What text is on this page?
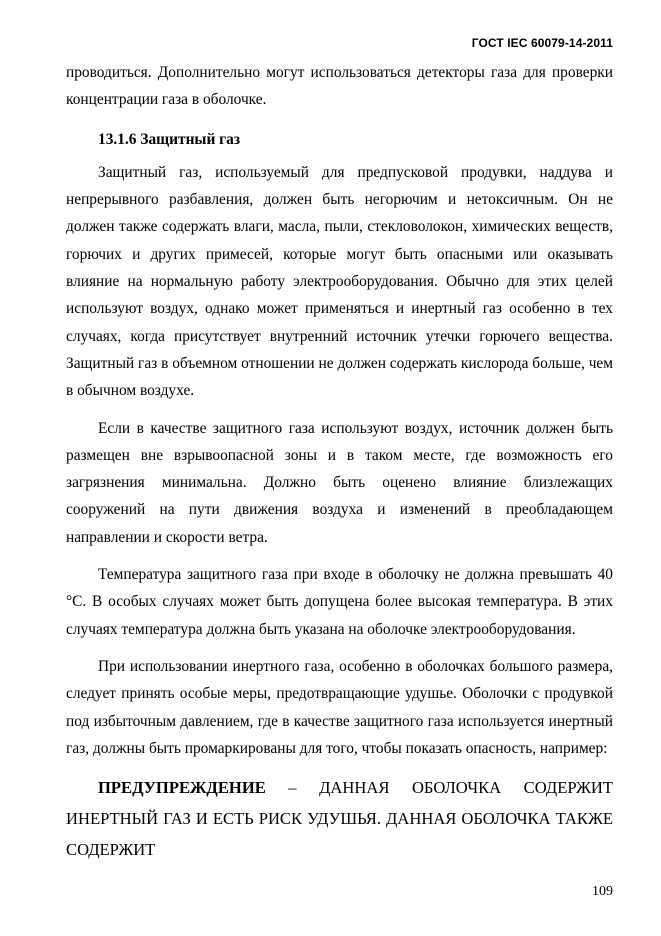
ГОСТ IEC 60079-14-2011

проводиться. Дополнительно могут использоваться детекторы газа для проверки концентрации газа в оболочке.

13.1.6 Защитный газ

Защитный газ, используемый для предпусковой продувки, наддува и непрерывного разбавления, должен быть негорючим и нетоксичным. Он не должен также содержать влаги, масла, пыли, стекловолокон, химических веществ, горючих и других примесей, которые могут быть опасными или оказывать влияние на нормальную работу электрооборудования. Обычно для этих целей используют воздух, однако может применяться и инертный газ особенно в тех случаях, когда присутствует внутренний источник утечки горючего вещества. Защитный газ в объемном отношении не должен содержать кислорода больше, чем в обычном воздухе.

Если в качестве защитного газа используют воздух, источник должен быть размещен вне взрывоопасной зоны и в таком месте, где возможность его загрязнения минимальна. Должно быть оценено влияние близлежащих сооружений на пути движения воздуха и изменений в преобладающем направлении и скорости ветра.

Температура защитного газа при входе в оболочку не должна превышать 40 °С. В особых случаях может быть допущена более высокая температура. В этих случаях температура должна быть указана на оболочке электрооборудования.

При использовании инертного газа, особенно в оболочках большого размера, следует принять особые меры, предотвращающие удушье. Оболочки с продувкой под избыточным давлением, где в качестве защитного газа используется инертный газ, должны быть промаркированы для того, чтобы показать опасность, например:

ПРЕДУПРЕЖДЕНИЕ – ДАННАЯ ОБОЛОЧКА СОДЕРЖИТ ИНЕРТНЫЙ ГАЗ И ЕСТЬ РИСК УДУШЬЯ. ДАННАЯ ОБОЛОЧКА ТАКЖЕ СОДЕРЖИТ

109
